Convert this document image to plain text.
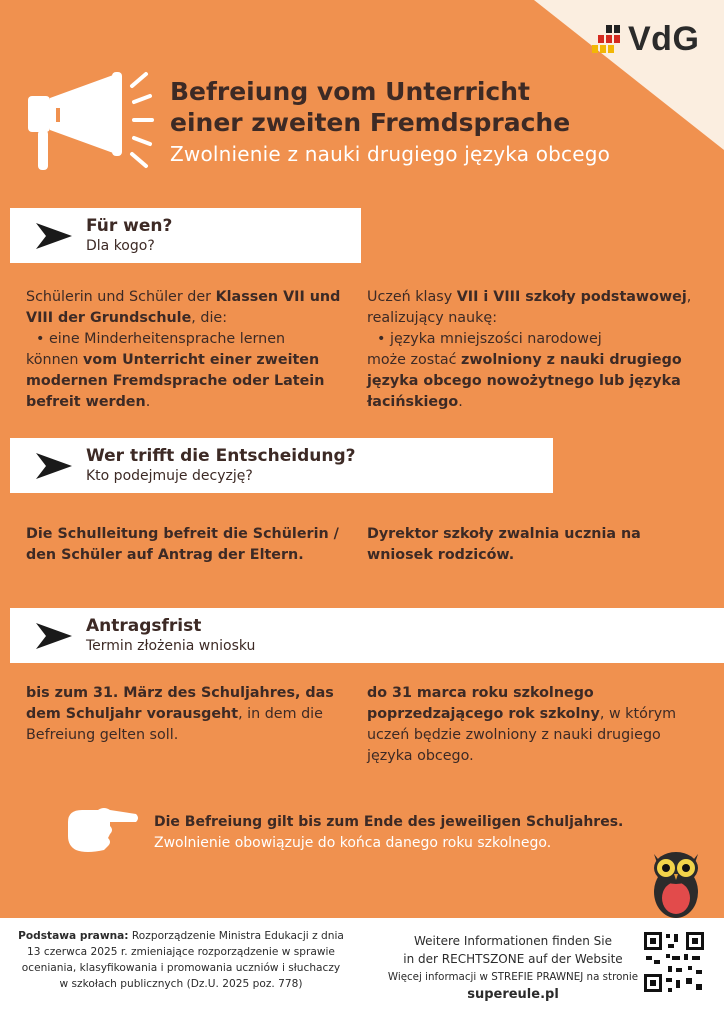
VdG
Befreiung vom Unterricht
einer zweiten Fremdsprache
Zwolnienie z nauki drugiego języka obcego
Für wen?
Dla kogo?
Schülerin und Schüler der Klassen VII und VIII der Grundschule, die:
• eine Minderheitensprache lernen
können vom Unterricht einer zweiten modernen Fremdsprache oder Latein befreit werden.
Uczeń klasy VII i VIII szkoły podstawowej, realizujący naukę:
• języka mniejszości narodowej
może zostać zwolniony z nauki drugiego języka obcego nowożytnego lub języka łacińskiego.
Wer trifft die Entscheidung?
Kto podejmuje decyzję?
Die Schulleitung befreit die Schülerin / den Schüler auf Antrag der Eltern.
Dyrektor szkoły zwalnia ucznia na wniosek rodziców.
Antragsfrist
Termin złożenia wniosku
bis zum 31. März des Schuljahres, das dem Schuljahr vorausgeht, in dem die Befreiung gelten soll.
do 31 marca roku szkolnego poprzedzającego rok szkolny, w którym uczeń będzie zwolniony z nauki drugiego języka obcego.
Die Befreiung gilt bis zum Ende des jeweiligen Schuljahres.
Zwolnienie obowiązuje do końca danego roku szkolnego.
Podstawa prawna: Rozporządzenie Ministra Edukacji z dnia 13 czerwca 2025 r. zmieniające rozporządzenie w sprawie oceniania, klasyfikowania i promowania uczniów i słuchaczy w szkołach publicznych (Dz.U. 2025 poz. 778)
Weitere Informationen finden Sie
in der RECHTSZONE auf der Website
Więcej informacji w STREFIE PRAWNEJ na stronie
supereule.pl
